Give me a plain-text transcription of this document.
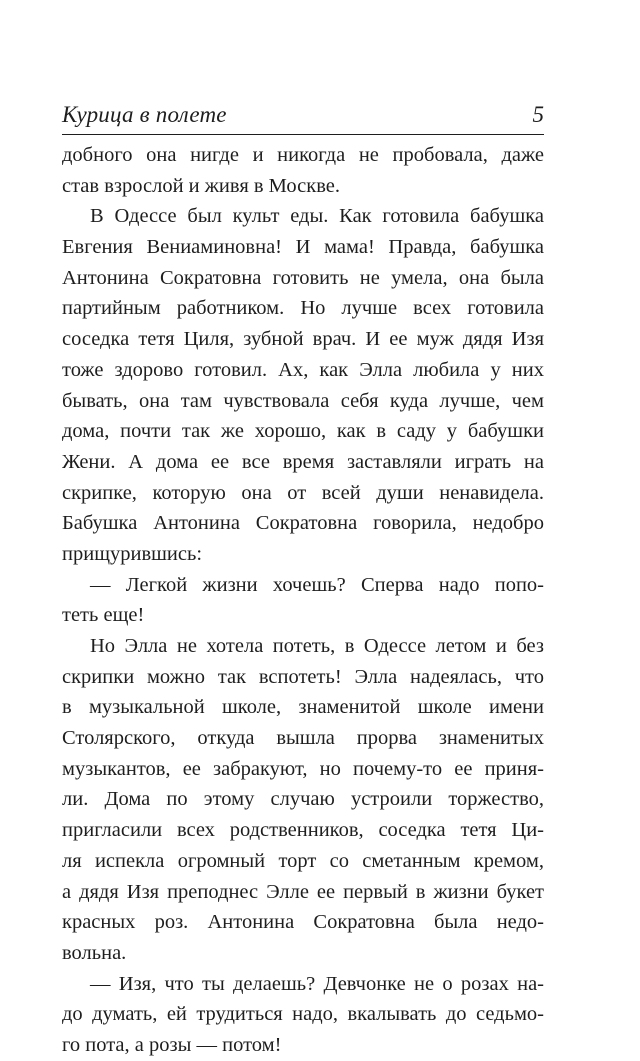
Курица в полете	5
добного она нигде и никогда не пробовала, даже
став взрослой и живя в Москве.
В Одессе был культ еды. Как готовила бабушка
Евгения Вениаминовна! И мама! Правда, бабушка
Антонина Сократовна готовить не умела, она была
партийным работником. Но лучше всех готовила
соседка тетя Циля, зубной врач. И ее муж дядя Изя
тоже здорово готовил. Ах, как Элла любила у них
бывать, она там чувствовала себя куда лучше, чем
дома, почти так же хорошо, как в саду у бабушки
Жени. А дома ее все время заставляли играть на
скрипке, которую она от всей души ненавидела.
Бабушка Антонина Сократовна говорила, недобро
прищурившись:
— Легкой жизни хочешь? Сперва надо попо-
теть еще!
Но Элла не хотела потеть, в Одессе летом и без
скрипки можно так вспотеть! Элла надеялась, что
в музыкальной школе, знаменитой школе имени
Столярского, откуда вышла прорва знаменитых
музыкантов, ее забракуют, но почему-то ее приня-
ли. Дома по этому случаю устроили торжество,
пригласили всех родственников, соседка тетя Ци-
ля испекла огромный торт со сметанным кремом,
а дядя Изя преподнес Элле ее первый в жизни букет
красных роз. Антонина Сократовна была недо-
вольна.
— Изя, что ты делаешь? Девчонке не о розах на-
до думать, ей трудиться надо, вкалывать до седьмо-
го пота, а розы — потом!
